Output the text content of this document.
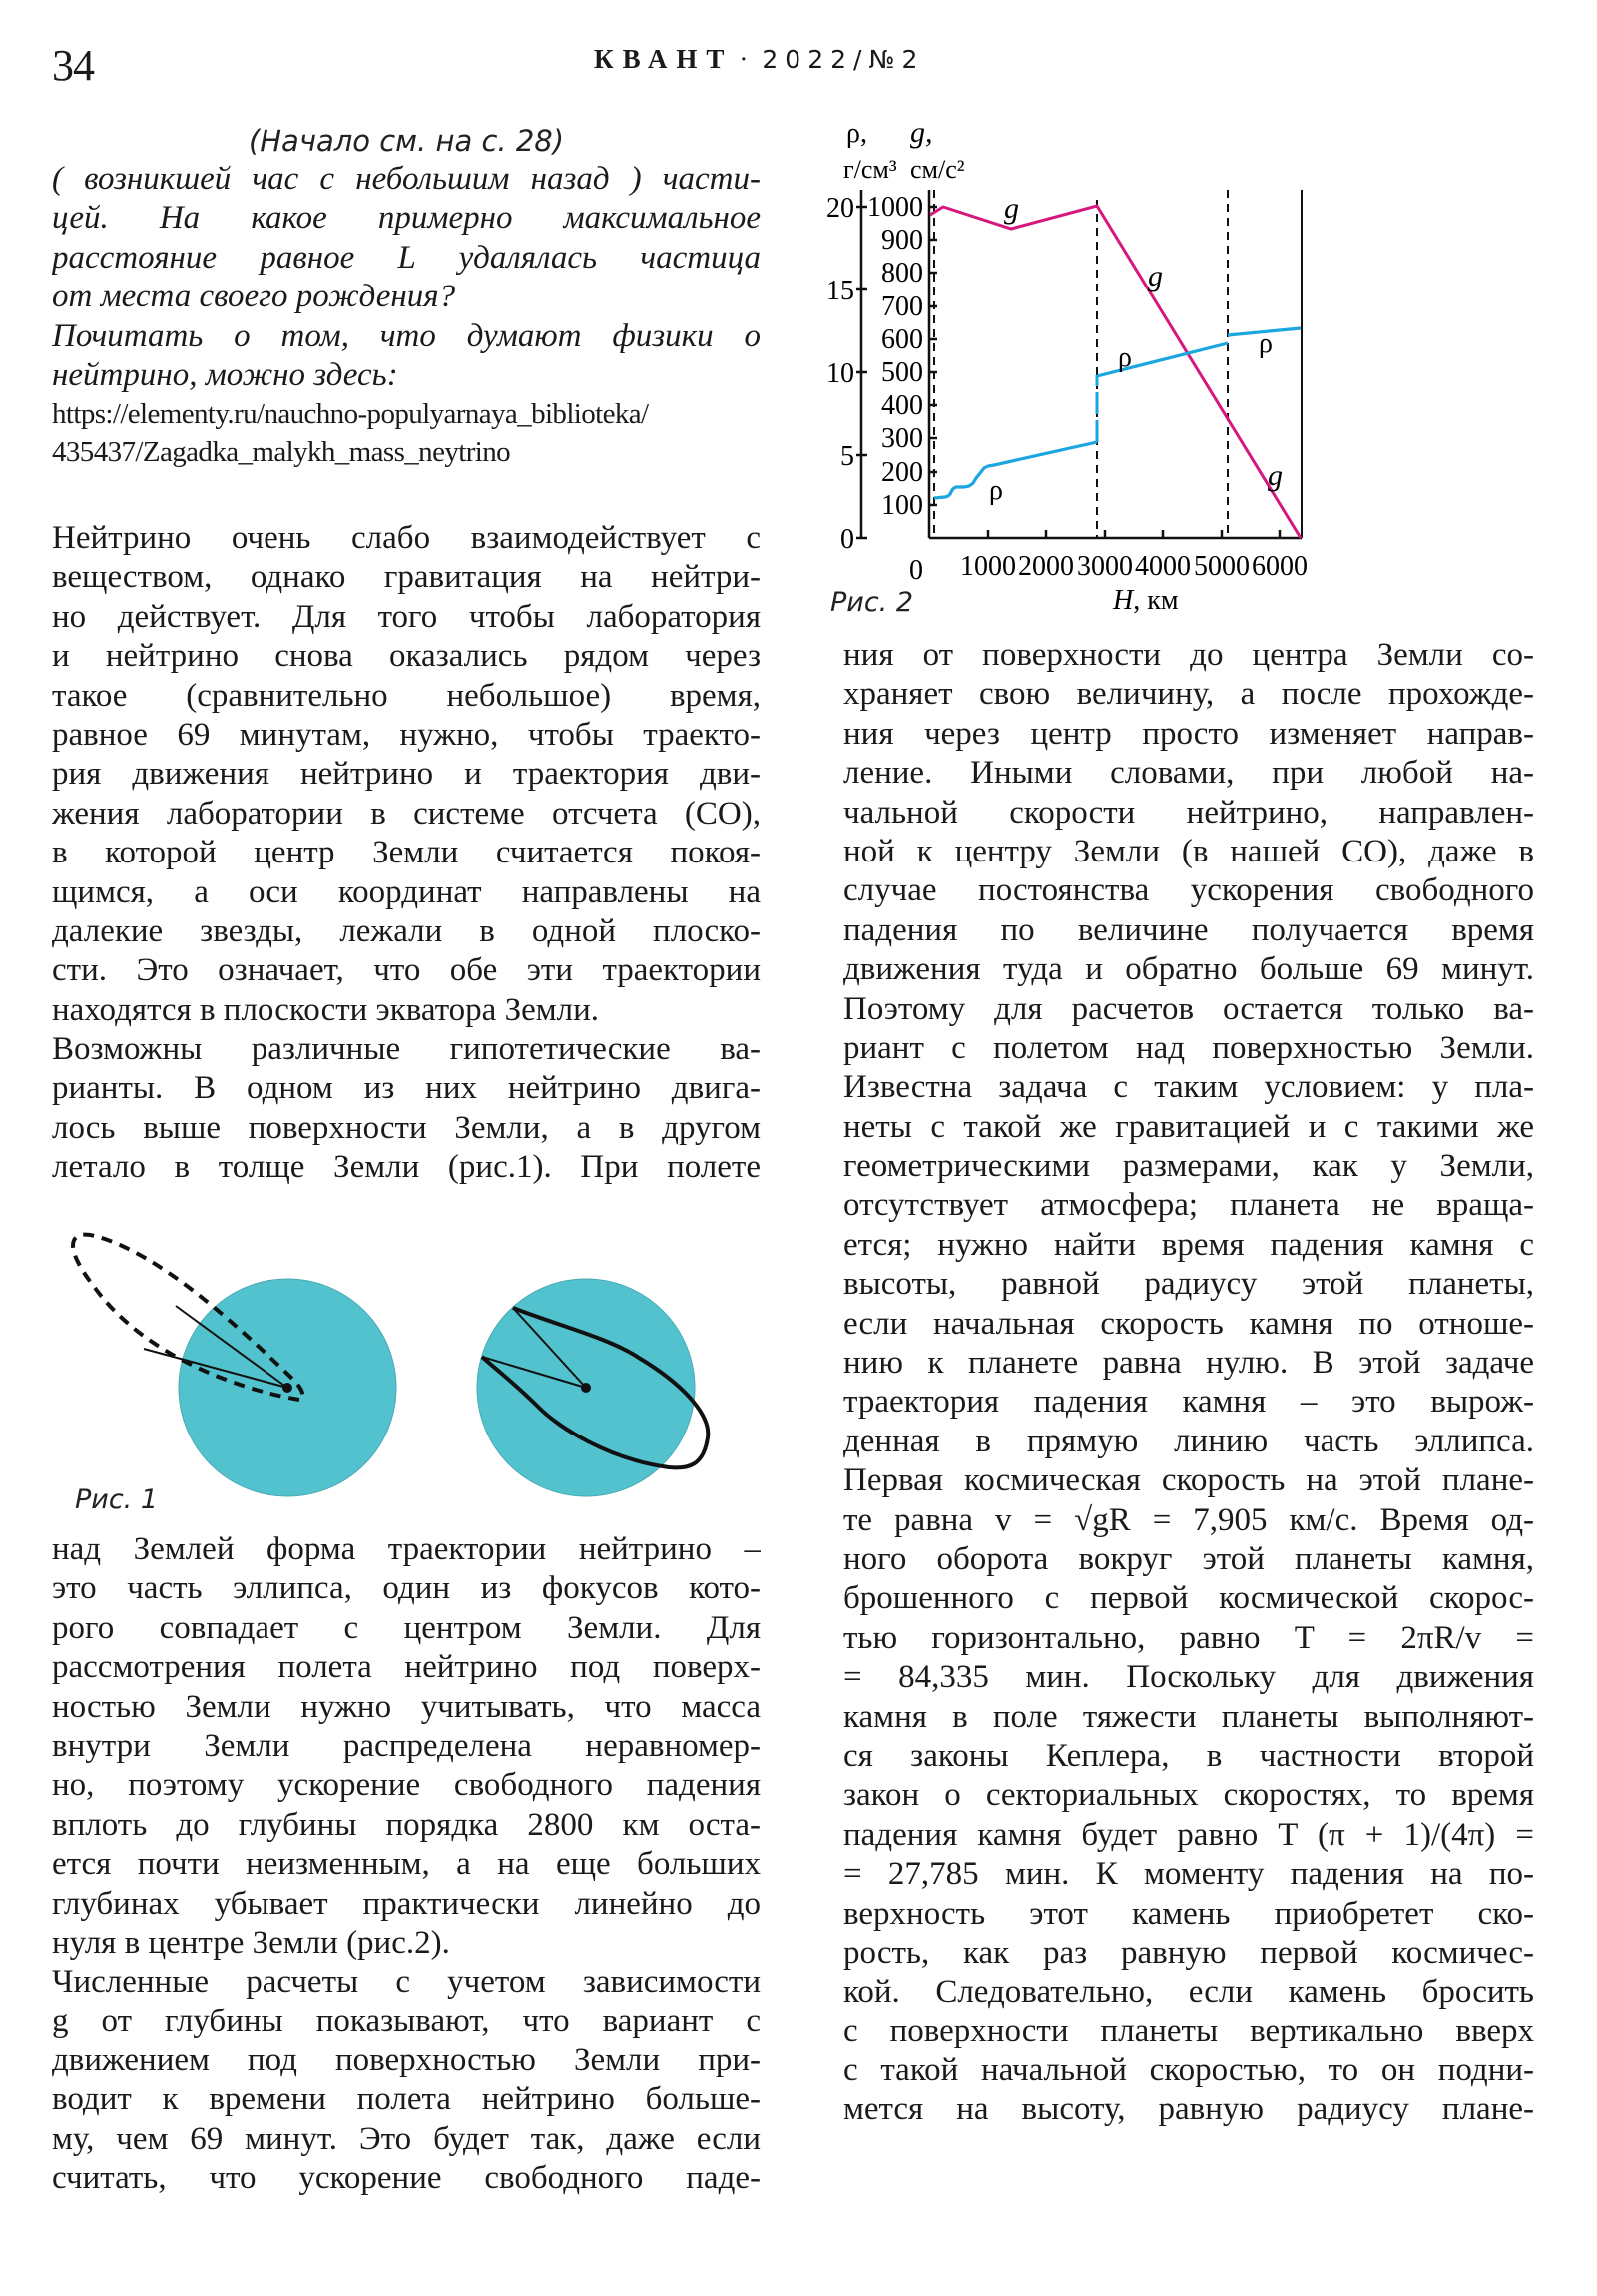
34	КВАНТ · 2022/№2
(Начало см. на с. 28)
( возникшей час с небольшим назад ) части-
цей. На какое примерно максимальное
расстояние равное L удалялась частица
от места своего рождения?
Почитать о том, что думают физики о
нейтрино, можно здесь:
https://elementy.ru/nauchno-populyarnaya_biblioteka/
435437/Zagadka_malykh_mass_neytrino
Нейтрино очень слабо взаимодействует с
веществом, однако гравитация на нейтри-
но действует. Для того чтобы лаборатория
и нейтрино снова оказались рядом через
такое (сравнительно небольшое) время,
равное 69 минутам, нужно, чтобы траекто-
рия движения нейтрино и траектория дви-
жения лаборатории в системе отсчета (СО),
в которой центр Земли считается покоя-
щимся, а оси координат направлены на
далекие звезды, лежали в одной плоско-
сти. Это означает, что обе эти траектории
находятся в плоскости экватора Земли.
Возможны различные гипотетические ва-
рианты. В одном из них нейтрино двига-
лось выше поверхности Земли, а в другом
летало в толще Земли (рис.1). При полете
Рис. 1
над Землей форма траектории нейтрино –
это часть эллипса, один из фокусов кото-
рого совпадает с центром Земли. Для
рассмотрения полета нейтрино под поверх-
ностью Земли нужно учитывать, что масса
внутри Земли распределена неравномер-
но, поэтому ускорение свободного падения
вплоть до глубины порядка 2800 км оста-
ется почти неизменным, а на еще больших
глубинах убывает практически линейно до
нуля в центре Земли (рис.2).
Численные расчеты с учетом зависимости
g от глубины показывают, что вариант с
движением под поверхностью Земли при-
водит к времени полета нейтрино больше-
му, чем 69 минут. Это будет так, даже если
считать, что ускорение свободного паде-
ρ,
г/см³
g,
см/с²
0
5
10
15
20
100
200
300
400
500
600
700
800
900
1000
0 1000 2000 3000 4000 5000 6000
H, км
g
g
g
ρ
ρ	ρ
Рис. 2
ния от поверхности до центра Земли со-
храняет свою величину, а после прохожде-
ния через центр просто изменяет направ-
ление. Иными словами, при любой на-
чальной скорости нейтрино, направлен-
ной к центру Земли (в нашей СО), даже в
случае постоянства ускорения свободного
падения по величине получается время
движения туда и обратно больше 69 минут.
Поэтому для расчетов остается только ва-
риант с полетом над поверхностью Земли.
Известна задача с таким условием: у пла-
неты с такой же гравитацией и с такими же
геометрическими размерами, как у Земли,
отсутствует атмосфера; планета не враща-
ется; нужно найти время падения камня с
высоты, равной радиусу этой планеты,
если начальная скорость камня по отноше-
нию к планете равна нулю. В этой задаче
траектория падения камня – это вырож-
денная в прямую линию часть эллипса.
Первая космическая скорость на этой плане-
те равна v = √gR = 7,905 км/с. Время од-
ного оборота вокруг этой планеты камня,
брошенного с первой космической скорос-
тью горизонтально, равно T = 2πR/v =
= 84,335 мин. Поскольку для движения
камня в поле тяжести планеты выполняют-
ся законы Кеплера, в частности второй
закон о секториальных скоростях, то время
падения камня будет равно T (π + 1)/(4π) =
= 27,785 мин. К моменту падения на по-
верхность этот камень приобретет ско-
рость, как раз равную первой космичес-
кой. Следовательно, если камень бросить
с поверхности планеты вертикально вверх
с такой начальной скоростью, то он подни-
мется на высоту, равную радиусу плане-
